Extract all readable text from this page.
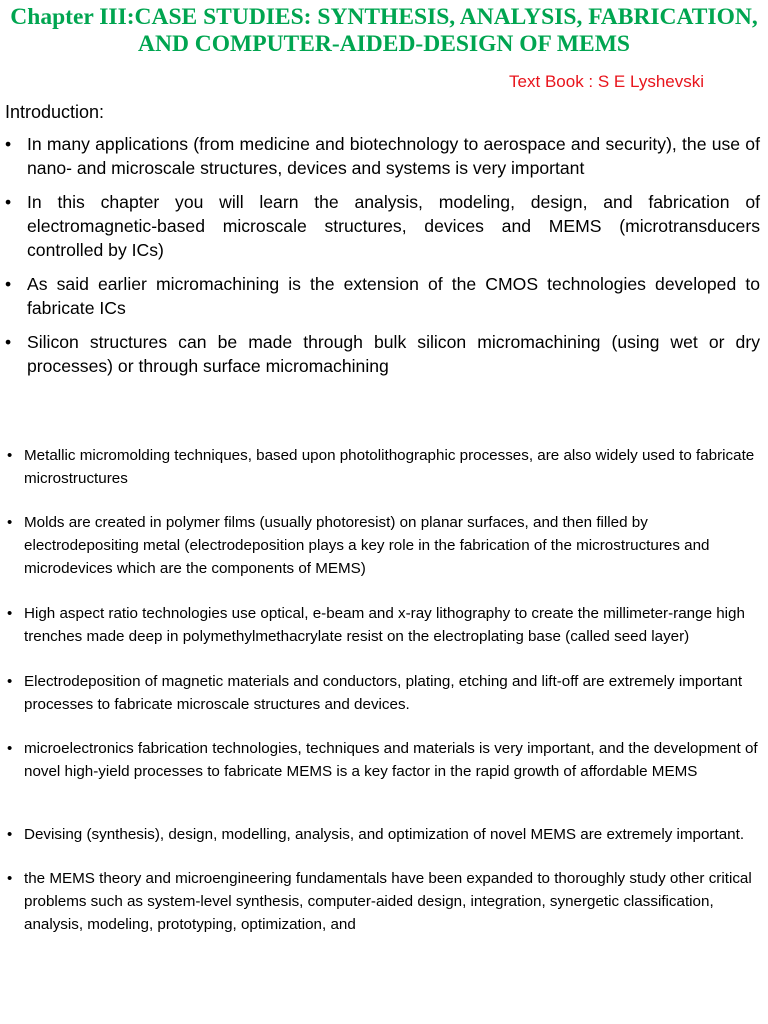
Chapter III:CASE STUDIES: SYNTHESIS, ANALYSIS, FABRICATION, AND COMPUTER-AIDED-DESIGN OF MEMS
Text Book : S E Lyshevski
Introduction:
• In many applications (from medicine and biotechnology to aerospace and security), the use of nano- and microscale structures, devices and systems is very important
• In this chapter you will learn the analysis, modeling, design, and fabrication of electromagnetic-based microscale structures, devices and MEMS (microtransducers controlled by ICs)
• As said earlier micromachining is the extension of the CMOS technologies developed to fabricate ICs
• Silicon structures can be made through bulk silicon micromachining (using wet or dry processes) or through surface micromachining
• Metallic micromolding techniques, based upon photolithographic processes, are also widely used to fabricate microstructures
• Molds are created in polymer films (usually photoresist) on planar surfaces, and then filled by electrodepositing metal (electrodeposition plays a key role in the fabrication of the microstructures and microdevices which are the components of MEMS)
• High aspect ratio technologies use optical, e-beam and x-ray lithography to create the millimeter-range high trenches made deep in polymethylmethacrylate resist on the electroplating base (called seed layer)
• Electrodeposition of magnetic materials and conductors, plating, etching and lift-off are extremely important processes to fabricate microscale structures and devices.
• microelectronics fabrication technologies, techniques and materials is very important, and the development of novel high-yield processes to fabricate MEMS is a key factor in the rapid growth of affordable MEMS
• Devising (synthesis), design, modelling, analysis, and optimization of novel MEMS are extremely important.
• the MEMS theory and microengineering fundamentals have been expanded to thoroughly study other critical problems such as system-level synthesis, computer-aided design, integration, synergetic classification, analysis, modeling, prototyping, optimization, and
